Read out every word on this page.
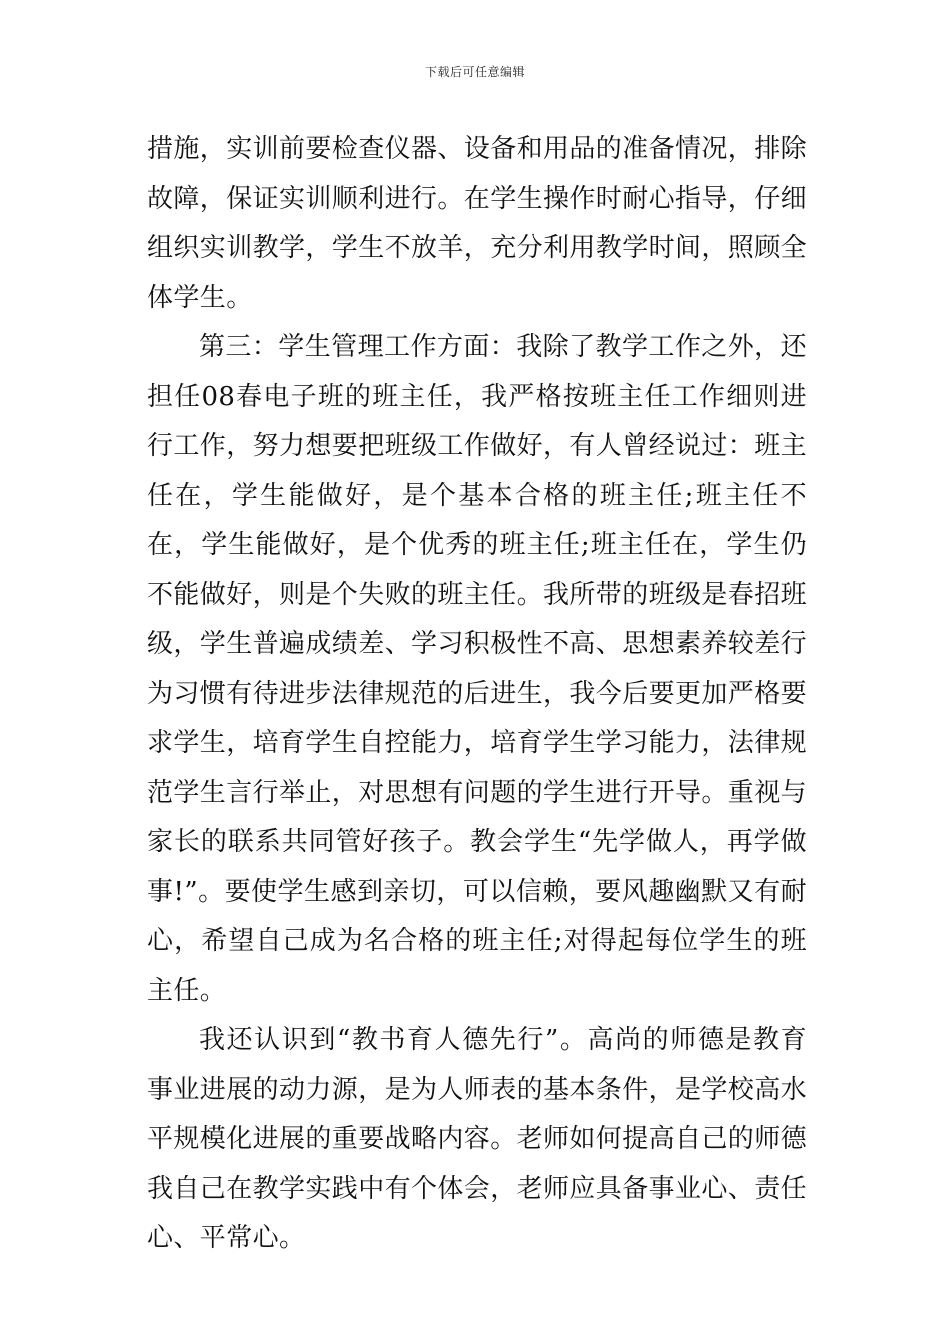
下载后可任意编辑

措施，实训前要检查仪器、设备和用品的准备情况，排除故障，保证实训顺利进行。在学生操作时耐心指导，仔细组织实训教学，学生不放羊，充分利用教学时间，照顾全体学生。

第三：学生管理工作方面：我除了教学工作之外，还担任08春电子班的班主任，我严格按班主任工作细则进行工作，努力想要把班级工作做好，有人曾经说过：班主任在，学生能做好，是个基本合格的班主任;班主任不在，学生能做好，是个优秀的班主任;班主任在，学生仍不能做好，则是个失败的班主任。我所带的班级是春招班级，学生普遍成绩差、学习积极性不高、思想素养较差行为习惯有待进步法律规范的后进生，我今后要更加严格要求学生，培育学生自控能力，培育学生学习能力，法律规范学生言行举止，对思想有问题的学生进行开导。重视与家长的联系共同管好孩子。教会学生“先学做人，再学做事!”。要使学生感到亲切，可以信赖，要风趣幽默又有耐心，希望自己成为名合格的班主任;对得起每位学生的班主任。

我还认识到“教书育人德先行”。高尚的师德是教育事业进展的动力源，是为人师表的基本条件，是学校高水平规模化进展的重要战略内容。老师如何提高自己的师德我自己在教学实践中有个体会，老师应具备事业心、责任心、平常心。
